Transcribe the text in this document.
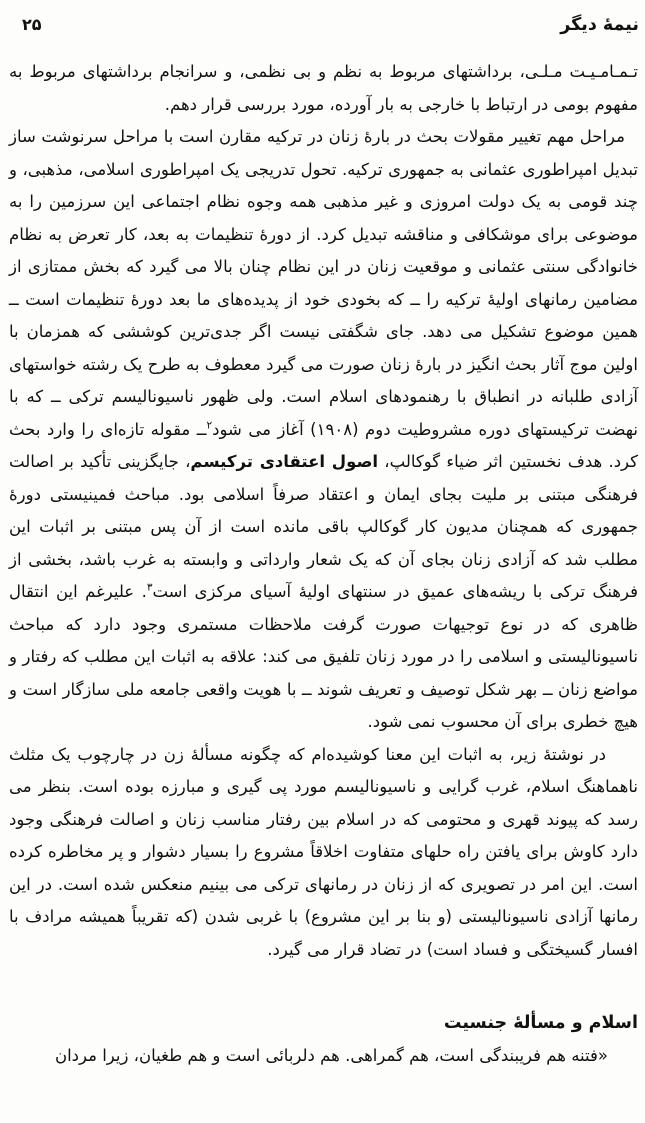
نیمهٔ دیگر
۲۵

تـمـامـیـت مـلـی، برداشتهای مربوط به نظم و بی نظمی، و سرانجام برداشتهای مربوط به مفهوم بومی در ارتباط با خارجی به بار آورده، مورد بررسی قرار دهم.

مراحل مهم تغییر مقولات بحث در بارهٔ زنان در ترکیه مقارن است با مراحل سرنوشت ساز تبدیل امپراطوری عثمانی به جمهوری ترکیه. تحول تدریجی یک امپراطوری اسلامی، مذهبی، و چند قومی به یک دولت امروزی و غیر مذهبی همه وجوه نظام اجتماعی این سرزمین را به موضوعی برای موشکافی و مناقشه تبدیل کرد. از دورهٔ تنظیمات به بعد، کار تعرض به نظام خانوادگی سنتی عثمانی و موقعیت زنان در این نظام چنان بالا می گیرد که بخش ممتازی از مضامین رمانهای اولیهٔ ترکیه را ــ که بخودی خود از پدیده‌های ما بعد دورهٔ تنظیمات است ــ همین موضوع تشکیل می دهد. جای شگفتی نیست اگر جدی‌ترین کوششی که همزمان با اولین موج آثار بحث انگیز در بارهٔ زنان صورت می گیرد معطوف به طرح یک رشته خواستهای آزادی طلبانه در انطباق با رهنمودهای اسلام است. ولی ظهور ناسیونالیسم ترکی ــ که با نهضت ترکیستهای دوره مشروطیت دوم (۱۹۰۸) آغاز می شود$^۲$ــ مقوله تازه‌ای را وارد بحث کرد. هدف نخستین اثر ضیاء گوکالپ، اصول اعتقادی ترکیسم، جایگزینی تأکید بر اصالت فرهنگی مبتنی بر ملیت بجای ایمان و اعتقاد صرفاً اسلامی بود. مباحث فمینیستی دورهٔ جمهوری که همچنان مدیون کار گوکالپ باقی مانده است از آن پس مبتنی بر اثبات این مطلب شد که آزادی زنان بجای آن که یک شعار وارداتی و وابسته به غرب باشد، بخشی از فرهنگ ترکی با ریشه‌های عمیق در سنتهای اولیهٔ آسیای مرکزی است$^۳$. علیرغم این انتقال ظاهری که در نوع توجیهات صورت گرفت ملاحظات مستمری وجود دارد که مباحث ناسیونالیستی و اسلامی را در مورد زنان تلفیق می کند: علاقه به اثبات این مطلب که رفتار و مواضع زنان ــ بهر شکل توصیف و تعریف شوند ــ با هویت واقعی جامعه ملی سازگار است و هیچ خطری برای آن محسوب نمی شود.

در نوشتهٔ زیر، به اثبات این معنا کوشیده‌ام که چگونه مسألهٔ زن در چارچوب یک مثلث ناهماهنگ اسلام، غرب گرایی و ناسیونالیسم مورد پی گیری و مبارزه بوده است. بنظر می رسد که پیوند قهری و محتومی که در اسلام بین رفتار مناسب زنان و اصالت فرهنگی وجود دارد کاوش برای یافتن راه حلهای متفاوت اخلاقاً مشروع را بسیار دشوار و پر مخاطره کرده است. این امر در تصویری که از زنان در رمانهای ترکی می بینیم منعکس شده است. در این رمانها آزادی ناسیونالیستی (و بنا بر این مشروع) با غربی شدن (که تقریباً همیشه مرادف با افسار گسیختگی و فساد است) در تضاد قرار می گیرد.

اسلام و مسألهٔ جنسیت

«فتنه هم فریبندگی است، هم گمراهی. هم دلربائی است و هم طغیان، زیرا مردان
